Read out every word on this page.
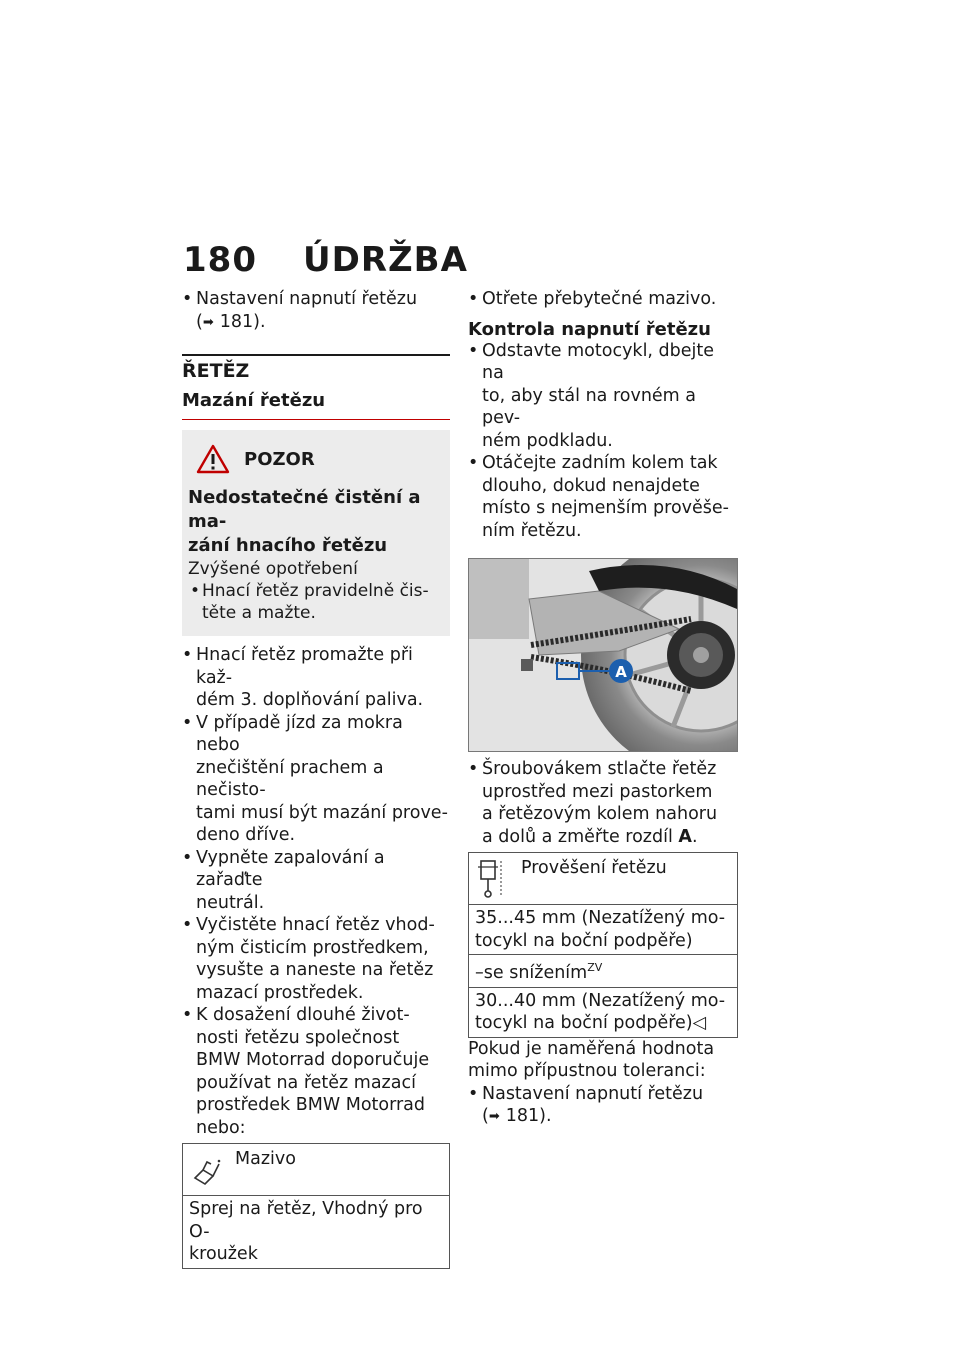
180 ÚDRŽBA
• Nastavení napnutí řetězu
(➡ 181).
ŘETĚZ
Mazání řetězu
POZOR
Nedostatečné čistění a ma-
zání hnacího řetězu
Zvýšené opotřebení
• Hnací řetěz pravidelně čis-
těte a mažte.
• Hnací řetěz promažte při kaž-
dém 3. doplňování paliva.
• V případě jízd za mokra nebo
znečištění prachem a nečisto-
tami musí být mazání prove-
deno dříve.
• Vypněte zapalování a zařaďte
neutrál.
• Vyčistěte hnací řetěz vhod-
ným čisticím prostředkem,
vysušte a naneste na řetěz
mazací prostředek.
• K dosažení dlouhé život-
nosti řetězu společnost
BMW Motorrad doporučuje
používat na řetěz mazací
prostředek BMW Motorrad
nebo:
Mazivo
Sprej na řetěz, Vhodný pro O-
kroužek
• Otřete přebytečné mazivo.
Kontrola napnutí řetězu
• Odstavte motocykl, dbejte na
to, aby stál na rovném a pev-
ném podkladu.
• Otáčejte zadním kolem tak
dlouho, dokud nenajdete
místo s nejmenším prověše-
ním řetězu.
A
• Šroubovákem stlačte řetěz
uprostřed mezi pastorkem
a řetězovým kolem nahoru
a dolů a změřte rozdíl A.
Prověšení řetězu
35...45 mm (Nezatížený mo-
tocykl na boční podpěře)
–se snížením$^{ZV}$
30...40 mm (Nezatížený mo-
tocykl na boční podpěře)◁
Pokud je naměřená hodnota
mimo přípustnou toleranci:
• Nastavení napnutí řetězu
(➡ 181).
